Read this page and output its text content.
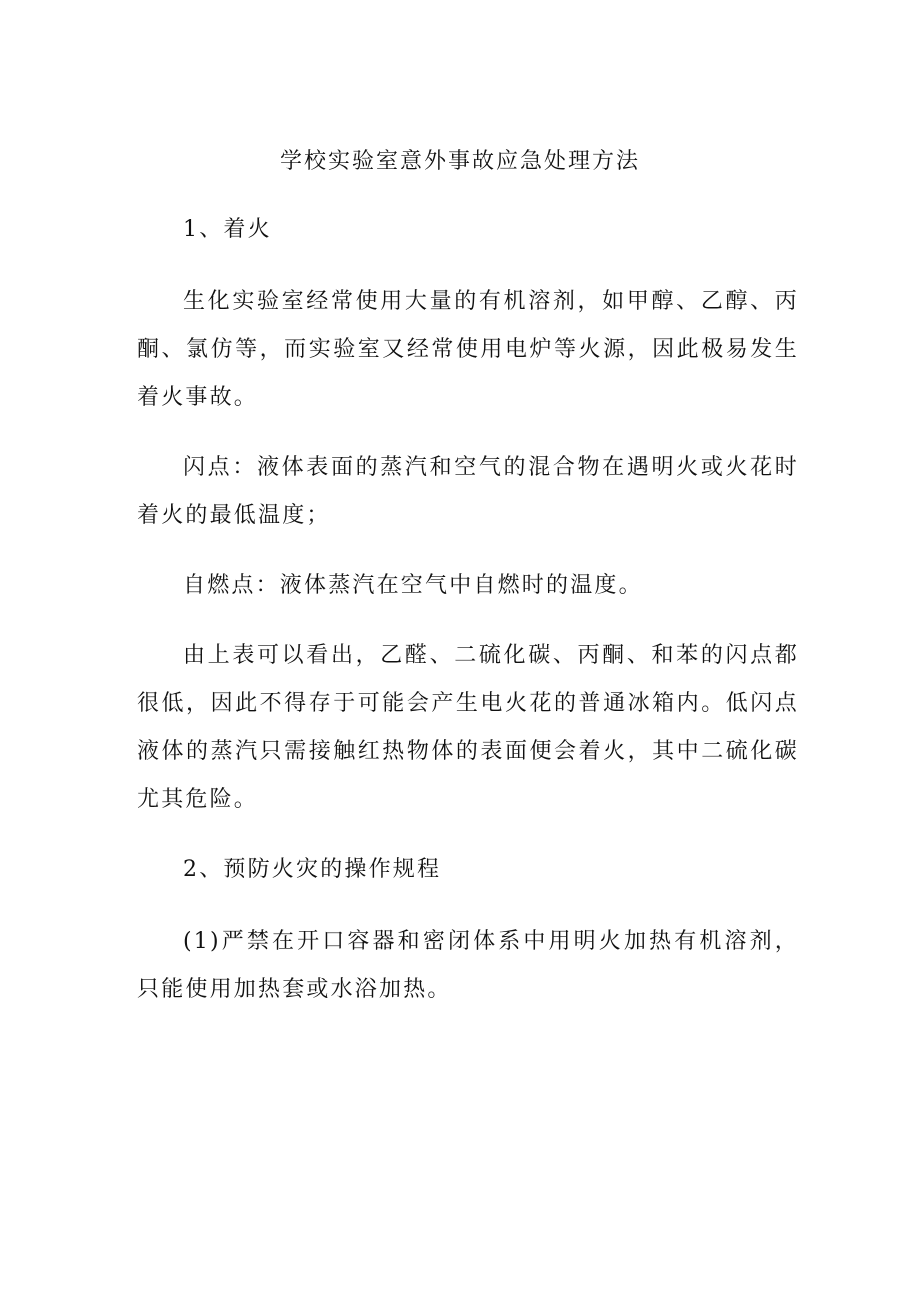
学校实验室意外事故应急处理方法

1、着火

生化实验室经常使用大量的有机溶剂，如甲醇、乙醇、丙酮、氯仿等，而实验室又经常使用电炉等火源，因此极易发生着火事故。

闪点：液体表面的蒸汽和空气的混合物在遇明火或火花时着火的最低温度；

自燃点：液体蒸汽在空气中自燃时的温度。

由上表可以看出，乙醛、二硫化碳、丙酮、和苯的闪点都很低，因此不得存于可能会产生电火花的普通冰箱内。低闪点液体的蒸汽只需接触红热物体的表面便会着火，其中二硫化碳尤其危险。

2、预防火灾的操作规程

(1)严禁在开口容器和密闭体系中用明火加热有机溶剂，只能使用加热套或水浴加热。
